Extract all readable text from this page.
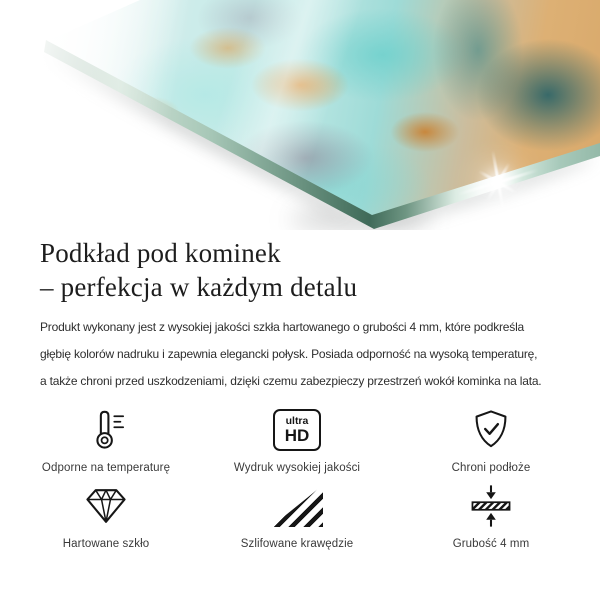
Podkład pod kominek
– perfekcja w każdym detalu
Produkt wykonany jest z wysokiej jakości szkła hartowanego o grubości 4 mm, które podkreśla
głębię kolorów nadruku i zapewnia elegancki połysk. Posiada odporność na wysoką temperaturę,
a także chroni przed uszkodzeniami, dzięki czemu zabezpieczy przestrzeń wokół kominka na lata.
Odporne na temperaturę
ultra
HD
Wydruk wysokiej jakości	Chroni podłoże
Hartowane szkło	Szlifowane krawędzie	Grubość 4 mm
